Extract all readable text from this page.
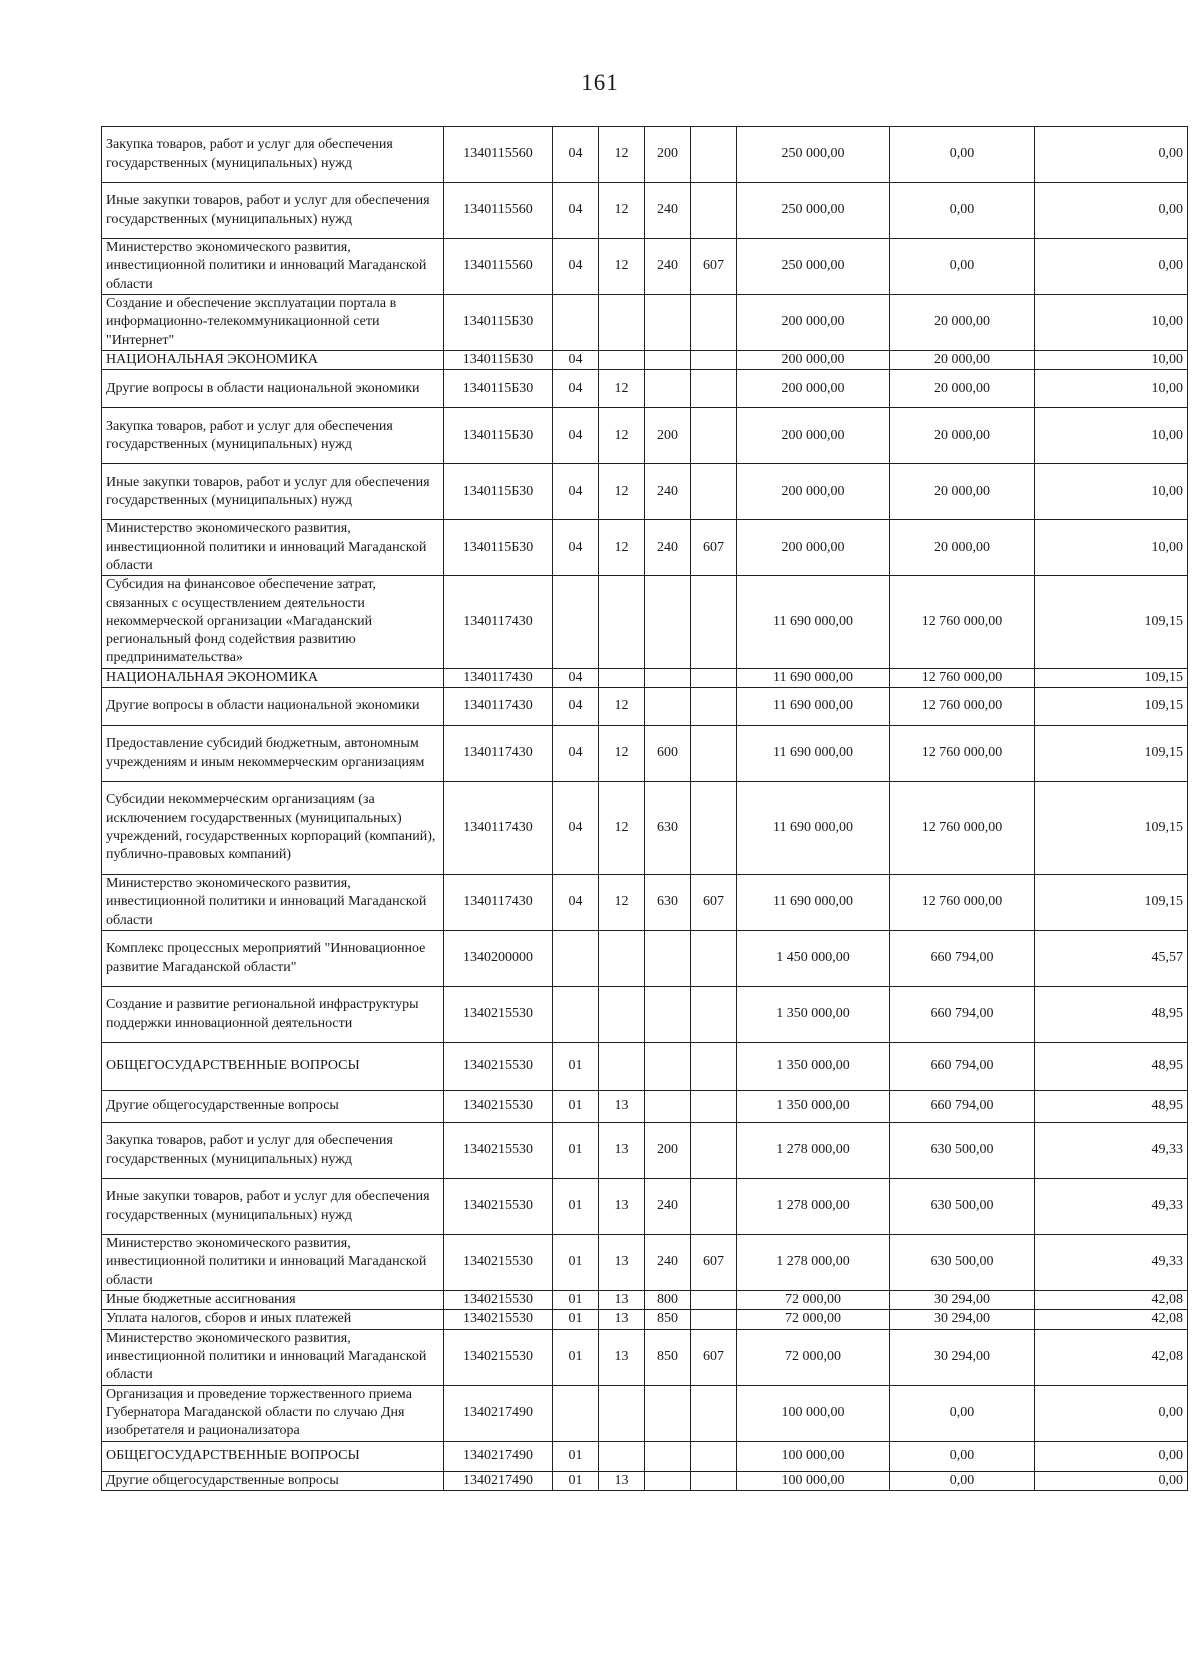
161
Закупка товаров, работ и услуг для обеспечения государственных (муниципальных) нужд	1340115560	04	12	200		250 000,00	0,00	0,00
Иные закупки товаров, работ и услуг для обеспечения государственных (муниципальных) нужд	1340115560	04	12	240		250 000,00	0,00	0,00
Министерство экономического развития, инвестиционной политики и инноваций Магаданской области	1340115560	04	12	240	607	250 000,00	0,00	0,00
Создание и обеспечение эксплуатации портала в информационно-телекоммуникационной сети "Интернет"	1340115Б30					200 000,00	20 000,00	10,00
НАЦИОНАЛЬНАЯ ЭКОНОМИКА	1340115Б30	04				200 000,00	20 000,00	10,00
Другие вопросы в области национальной экономики	1340115Б30	04	12			200 000,00	20 000,00	10,00
Закупка товаров, работ и услуг для обеспечения государственных (муниципальных) нужд	1340115Б30	04	12	200		200 000,00	20 000,00	10,00
Иные закупки товаров, работ и услуг для обеспечения государственных (муниципальных) нужд	1340115Б30	04	12	240		200 000,00	20 000,00	10,00
Министерство экономического развития, инвестиционной политики и инноваций Магаданской области	1340115Б30	04	12	240	607	200 000,00	20 000,00	10,00
Субсидия на финансовое обеспечение затрат, связанных с осуществлением деятельности некоммерческой организации «Магаданский региональный фонд содействия развитию предпринимательства»	1340117430					11 690 000,00	12 760 000,00	109,15
НАЦИОНАЛЬНАЯ ЭКОНОМИКА	1340117430	04				11 690 000,00	12 760 000,00	109,15
Другие вопросы в области национальной экономики	1340117430	04	12			11 690 000,00	12 760 000,00	109,15
Предоставление субсидий бюджетным, автономным учреждениям и иным некоммерческим организациям	1340117430	04	12	600		11 690 000,00	12 760 000,00	109,15
Субсидии некоммерческим организациям (за исключением государственных (муниципальных) учреждений, государственных корпораций (компаний), публично-правовых компаний)	1340117430	04	12	630		11 690 000,00	12 760 000,00	109,15
Министерство экономического развития, инвестиционной политики и инноваций Магаданской области	1340117430	04	12	630	607	11 690 000,00	12 760 000,00	109,15
Комплекс процессных мероприятий "Инновационное развитие Магаданской области"	1340200000					1 450 000,00	660 794,00	45,57
Создание и развитие региональной инфраструктуры поддержки инновационной деятельности	1340215530					1 350 000,00	660 794,00	48,95
ОБЩЕГОСУДАРСТВЕННЫЕ ВОПРОСЫ	1340215530	01				1 350 000,00	660 794,00	48,95
Другие общегосударственные вопросы	1340215530	01	13			1 350 000,00	660 794,00	48,95
Закупка товаров, работ и услуг для обеспечения государственных (муниципальных) нужд	1340215530	01	13	200		1 278 000,00	630 500,00	49,33
Иные закупки товаров, работ и услуг для обеспечения государственных (муниципальных) нужд	1340215530	01	13	240		1 278 000,00	630 500,00	49,33
Министерство экономического развития, инвестиционной политики и инноваций Магаданской области	1340215530	01	13	240	607	1 278 000,00	630 500,00	49,33
Иные бюджетные ассигнования	1340215530	01	13	800		72 000,00	30 294,00	42,08
Уплата налогов, сборов и иных платежей	1340215530	01	13	850		72 000,00	30 294,00	42,08
Министерство экономического развития, инвестиционной политики и инноваций Магаданской области	1340215530	01	13	850	607	72 000,00	30 294,00	42,08
Организация и проведение торжественного приема Губернатора Магаданской области по случаю Дня изобретателя и рационализатора	1340217490					100 000,00	0,00	0,00
ОБЩЕГОСУДАРСТВЕННЫЕ ВОПРОСЫ	1340217490	01				100 000,00	0,00	0,00
Другие общегосударственные вопросы	1340217490	01	13			100 000,00	0,00	0,00
